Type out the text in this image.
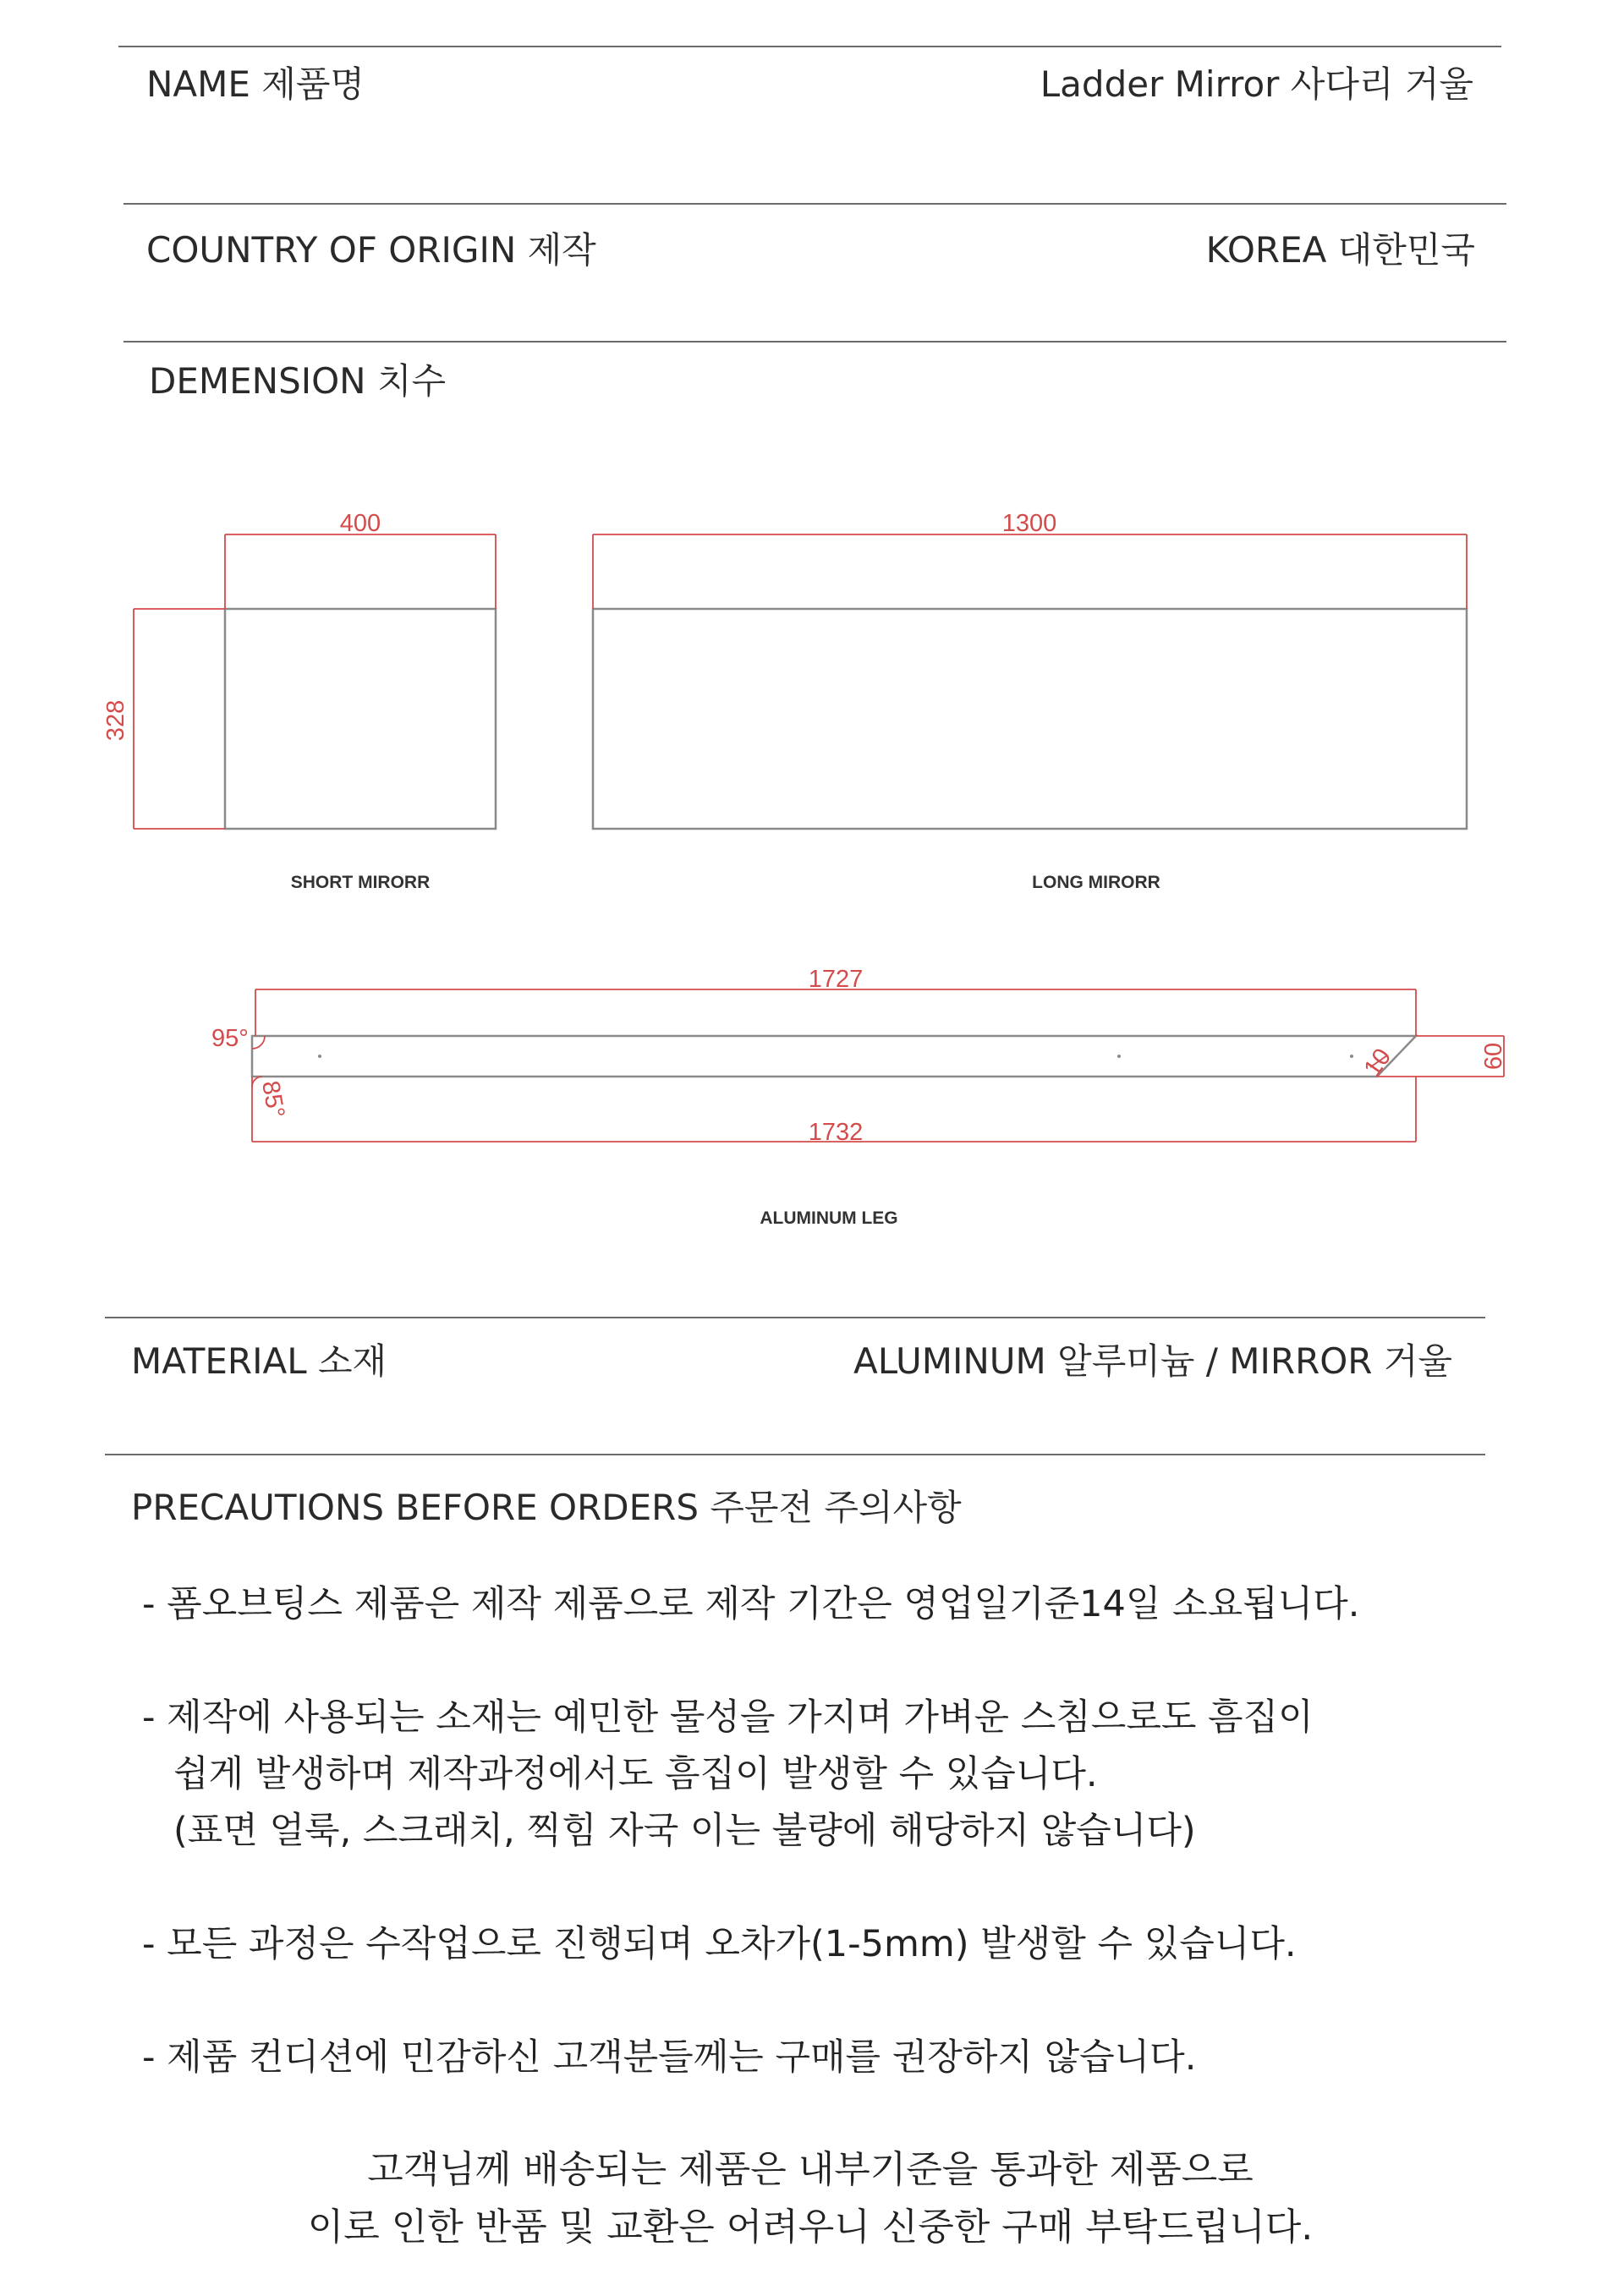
NAME 제품명	Ladder Mirror 사다리 거울
COUNTRY OF ORIGIN 제작	KOREA 대한민국
DEMENSION 치수
400
328
1300
1727
1732
95°
85°
10	60
SHORT MIRORR	LONG MIRORR
ALUMINUM LEG
MATERIAL 소재	ALUMINUM 알루미늄 / MIRROR 거울
PRECAUTIONS BEFORE ORDERS 주문전 주의사항
- 폼오브팅스 제품은 제작 제품으로 제작 기간은 영업일기준14일 소요됩니다.
- 제작에 사용되는 소재는 예민한 물성을 가지며 가벼운 스침으로도 흠집이
쉽게 발생하며 제작과정에서도 흠집이 발생할 수 있습니다.
(표면 얼룩, 스크래치, 찍힘 자국 이는 불량에 해당하지 않습니다)
- 모든 과정은 수작업으로 진행되며 오차가(1-5mm) 발생할 수 있습니다.
- 제품 컨디션에 민감하신 고객분들께는 구매를 권장하지 않습니다.
고객님께 배송되는 제품은 내부기준을 통과한 제품으로
이로 인한 반품 및 교환은 어려우니 신중한 구매 부탁드립니다.
